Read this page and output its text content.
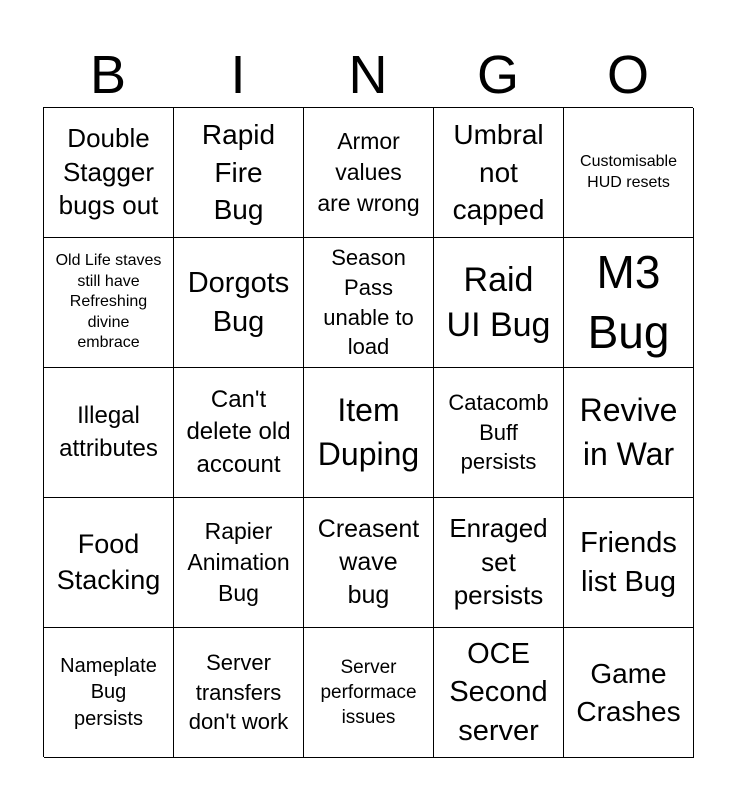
B	I	N	G	O
Double
Stagger
bugs out
Rapid
Fire
Bug
Armor
values
are wrong
Umbral
not
capped
Customisable
HUD resets
Old Life staves
still have
Refreshing
divine
embrace
Dorgots
Bug
Season
Pass
unable to
load
Raid
UI Bug
M3
Bug
Illegal
attributes
Can't
delete old
account
Item
Duping
Catacomb
Buff
persists
Revive
in War
Food
Stacking
Rapier
Animation
Bug
Creasent
wave
bug
Enraged
set
persists
Friends
list Bug
Nameplate
Bug
persists
Server
transfers
don't work
Server
performace
issues
OCE
Second
server
Game
Crashes
